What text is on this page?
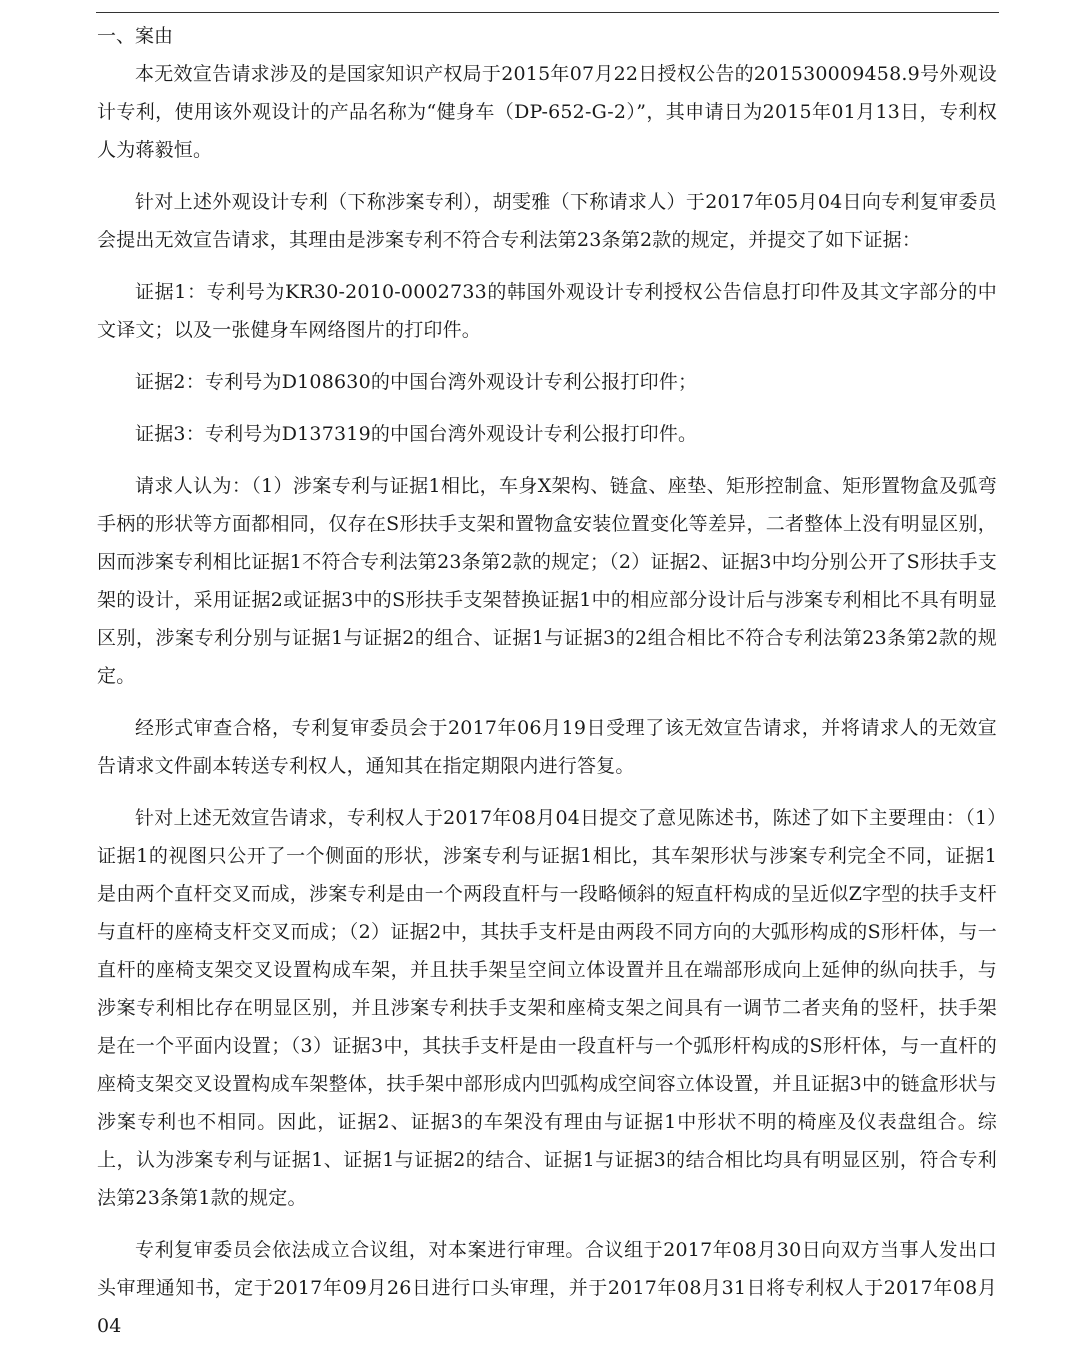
一、案由

本无效宣告请求涉及的是国家知识产权局于2015年07月22日授权公告的201530009458.9号外观设计专利，使用该外观设计的产品名称为“健身车（DP-652-G-2）”，其申请日为2015年01月13日，专利权人为蒋毅恒。

针对上述外观设计专利（下称涉案专利），胡雯雅（下称请求人）于2017年05月04日向专利复审委员会提出无效宣告请求，其理由是涉案专利不符合专利法第23条第2款的规定，并提交了如下证据：

证据1：专利号为KR30-2010-0002733的韩国外观设计专利授权公告信息打印件及其文字部分的中文译文；以及一张健身车网络图片的打印件。

证据2：专利号为D108630的中国台湾外观设计专利公报打印件；

证据3：专利号为D137319的中国台湾外观设计专利公报打印件。

请求人认为：（1）涉案专利与证据1相比，车身X架构、链盒、座垫、矩形控制盒、矩形置物盒及弧弯手柄的形状等方面都相同，仅存在S形扶手支架和置物盒安装位置变化等差异，二者整体上没有明显区别，因而涉案专利相比证据1不符合专利法第23条第2款的规定；（2）证据2、证据3中均分别公开了S形扶手支架的设计，采用证据2或证据3中的S形扶手支架替换证据1中的相应部分设计后与涉案专利相比不具有明显区别，涉案专利分别与证据1与证据2的组合、证据1与证据3的2组合相比不符合专利法第23条第2款的规定。

经形式审查合格，专利复审委员会于2017年06月19日受理了该无效宣告请求，并将请求人的无效宣告请求文件副本转送专利权人，通知其在指定期限内进行答复。

针对上述无效宣告请求，专利权人于2017年08月04日提交了意见陈述书，陈述了如下主要理由：（1）证据1的视图只公开了一个侧面的形状，涉案专利与证据1相比，其车架形状与涉案专利完全不同，证据1是由两个直杆交叉而成，涉案专利是由一个两段直杆与一段略倾斜的短直杆构成的呈近似Z字型的扶手支杆与直杆的座椅支杆交叉而成；（2）证据2中，其扶手支杆是由两段不同方向的大弧形构成的S形杆体，与一直杆的座椅支架交叉设置构成车架，并且扶手架呈空间立体设置并且在端部形成向上延伸的纵向扶手，与涉案专利相比存在明显区别，并且涉案专利扶手支架和座椅支架之间具有一调节二者夹角的竖杆，扶手架是在一个平面内设置；（3）证据3中，其扶手支杆是由一段直杆与一个弧形杆构成的S形杆体，与一直杆的座椅支架交叉设置构成车架整体，扶手架中部形成内凹弧构成空间容立体设置，并且证据3中的链盒形状与涉案专利也不相同。因此，证据2、证据3的车架没有理由与证据1中形状不明的椅座及仪表盘组合。综上，认为涉案专利与证据1、证据1与证据2的结合、证据1与证据3的结合相比均具有明显区别，符合专利法第23条第1款的规定。

专利复审委员会依法成立合议组，对本案进行审理。合议组于2017年08月30日向双方当事人发出口头审理通知书，定于2017年09月26日进行口头审理，并于2017年08月31日将专利权人于2017年08月04
